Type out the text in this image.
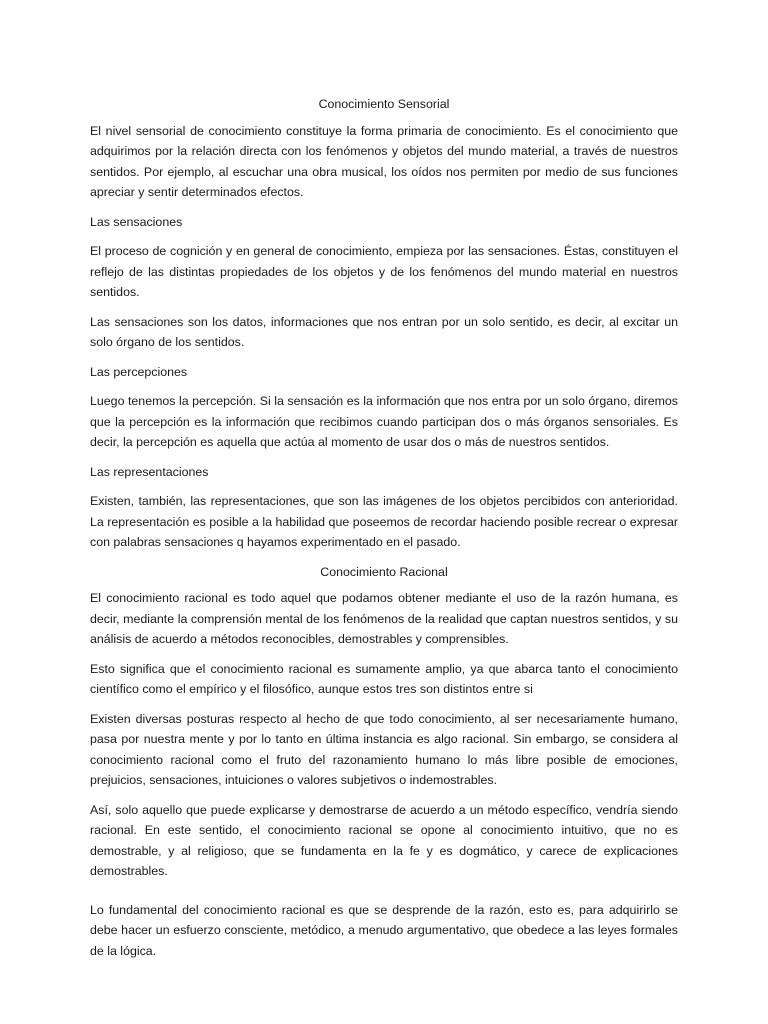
Conocimiento Sensorial
El nivel sensorial de conocimiento constituye la forma primaria de conocimiento. Es el conocimiento que adquirimos por la relación directa con los fenómenos y objetos del mundo material, a través de nuestros sentidos. Por ejemplo, al escuchar una obra musical, los oídos nos permiten por medio de sus funciones apreciar y sentir determinados efectos.
Las sensaciones
El proceso de cognición y en general de conocimiento, empieza por las sensaciones. Éstas, constituyen el reflejo de las distintas propiedades de los objetos y de los fenómenos del mundo material en nuestros sentidos.
Las sensaciones son los datos, informaciones que nos entran por un solo sentido, es decir, al excitar un solo órgano de los sentidos.
Las percepciones
Luego tenemos la percepción. Si la sensación es la información que nos entra por un solo órgano, diremos que la percepción es la información que recibimos cuando participan dos o más órganos sensoriales. Es decir, la percepción es aquella que actúa al momento de usar dos o más de nuestros sentidos.
Las representaciones
Existen, también, las representaciones, que son las imágenes de los objetos percibidos con anterioridad. La representación es posible a la habilidad que poseemos de recordar haciendo posible recrear o expresar con palabras sensaciones q hayamos experimentado en el pasado.
Conocimiento Racional
El conocimiento racional es todo aquel que podamos obtener mediante el uso de la razón humana, es decir, mediante la comprensión mental de los fenómenos de la realidad que captan nuestros sentidos, y su análisis de acuerdo a métodos reconocibles, demostrables y comprensibles.
Esto significa que el conocimiento racional es sumamente amplio, ya que abarca tanto el conocimiento científico como el empírico y el filosófico, aunque estos tres son distintos entre si
Existen diversas posturas respecto al hecho de que todo conocimiento, al ser necesariamente humano, pasa por nuestra mente y por lo tanto en última instancia es algo racional. Sin embargo, se considera al conocimiento racional como el fruto del razonamiento humano lo más libre posible de emociones, prejuicios, sensaciones, intuiciones o valores subjetivos o indemostrables.
Así, solo aquello que puede explicarse y demostrarse de acuerdo a un método específico, vendría siendo racional. En este sentido, el conocimiento racional se opone al conocimiento intuitivo, que no es demostrable, y al religioso, que se fundamenta en la fe y es dogmático, y carece de explicaciones demostrables.
Lo fundamental del conocimiento racional es que se desprende de la razón, esto es, para adquirirlo se debe hacer un esfuerzo consciente, metódico, a menudo argumentativo, que obedece a las leyes formales de la lógica.
